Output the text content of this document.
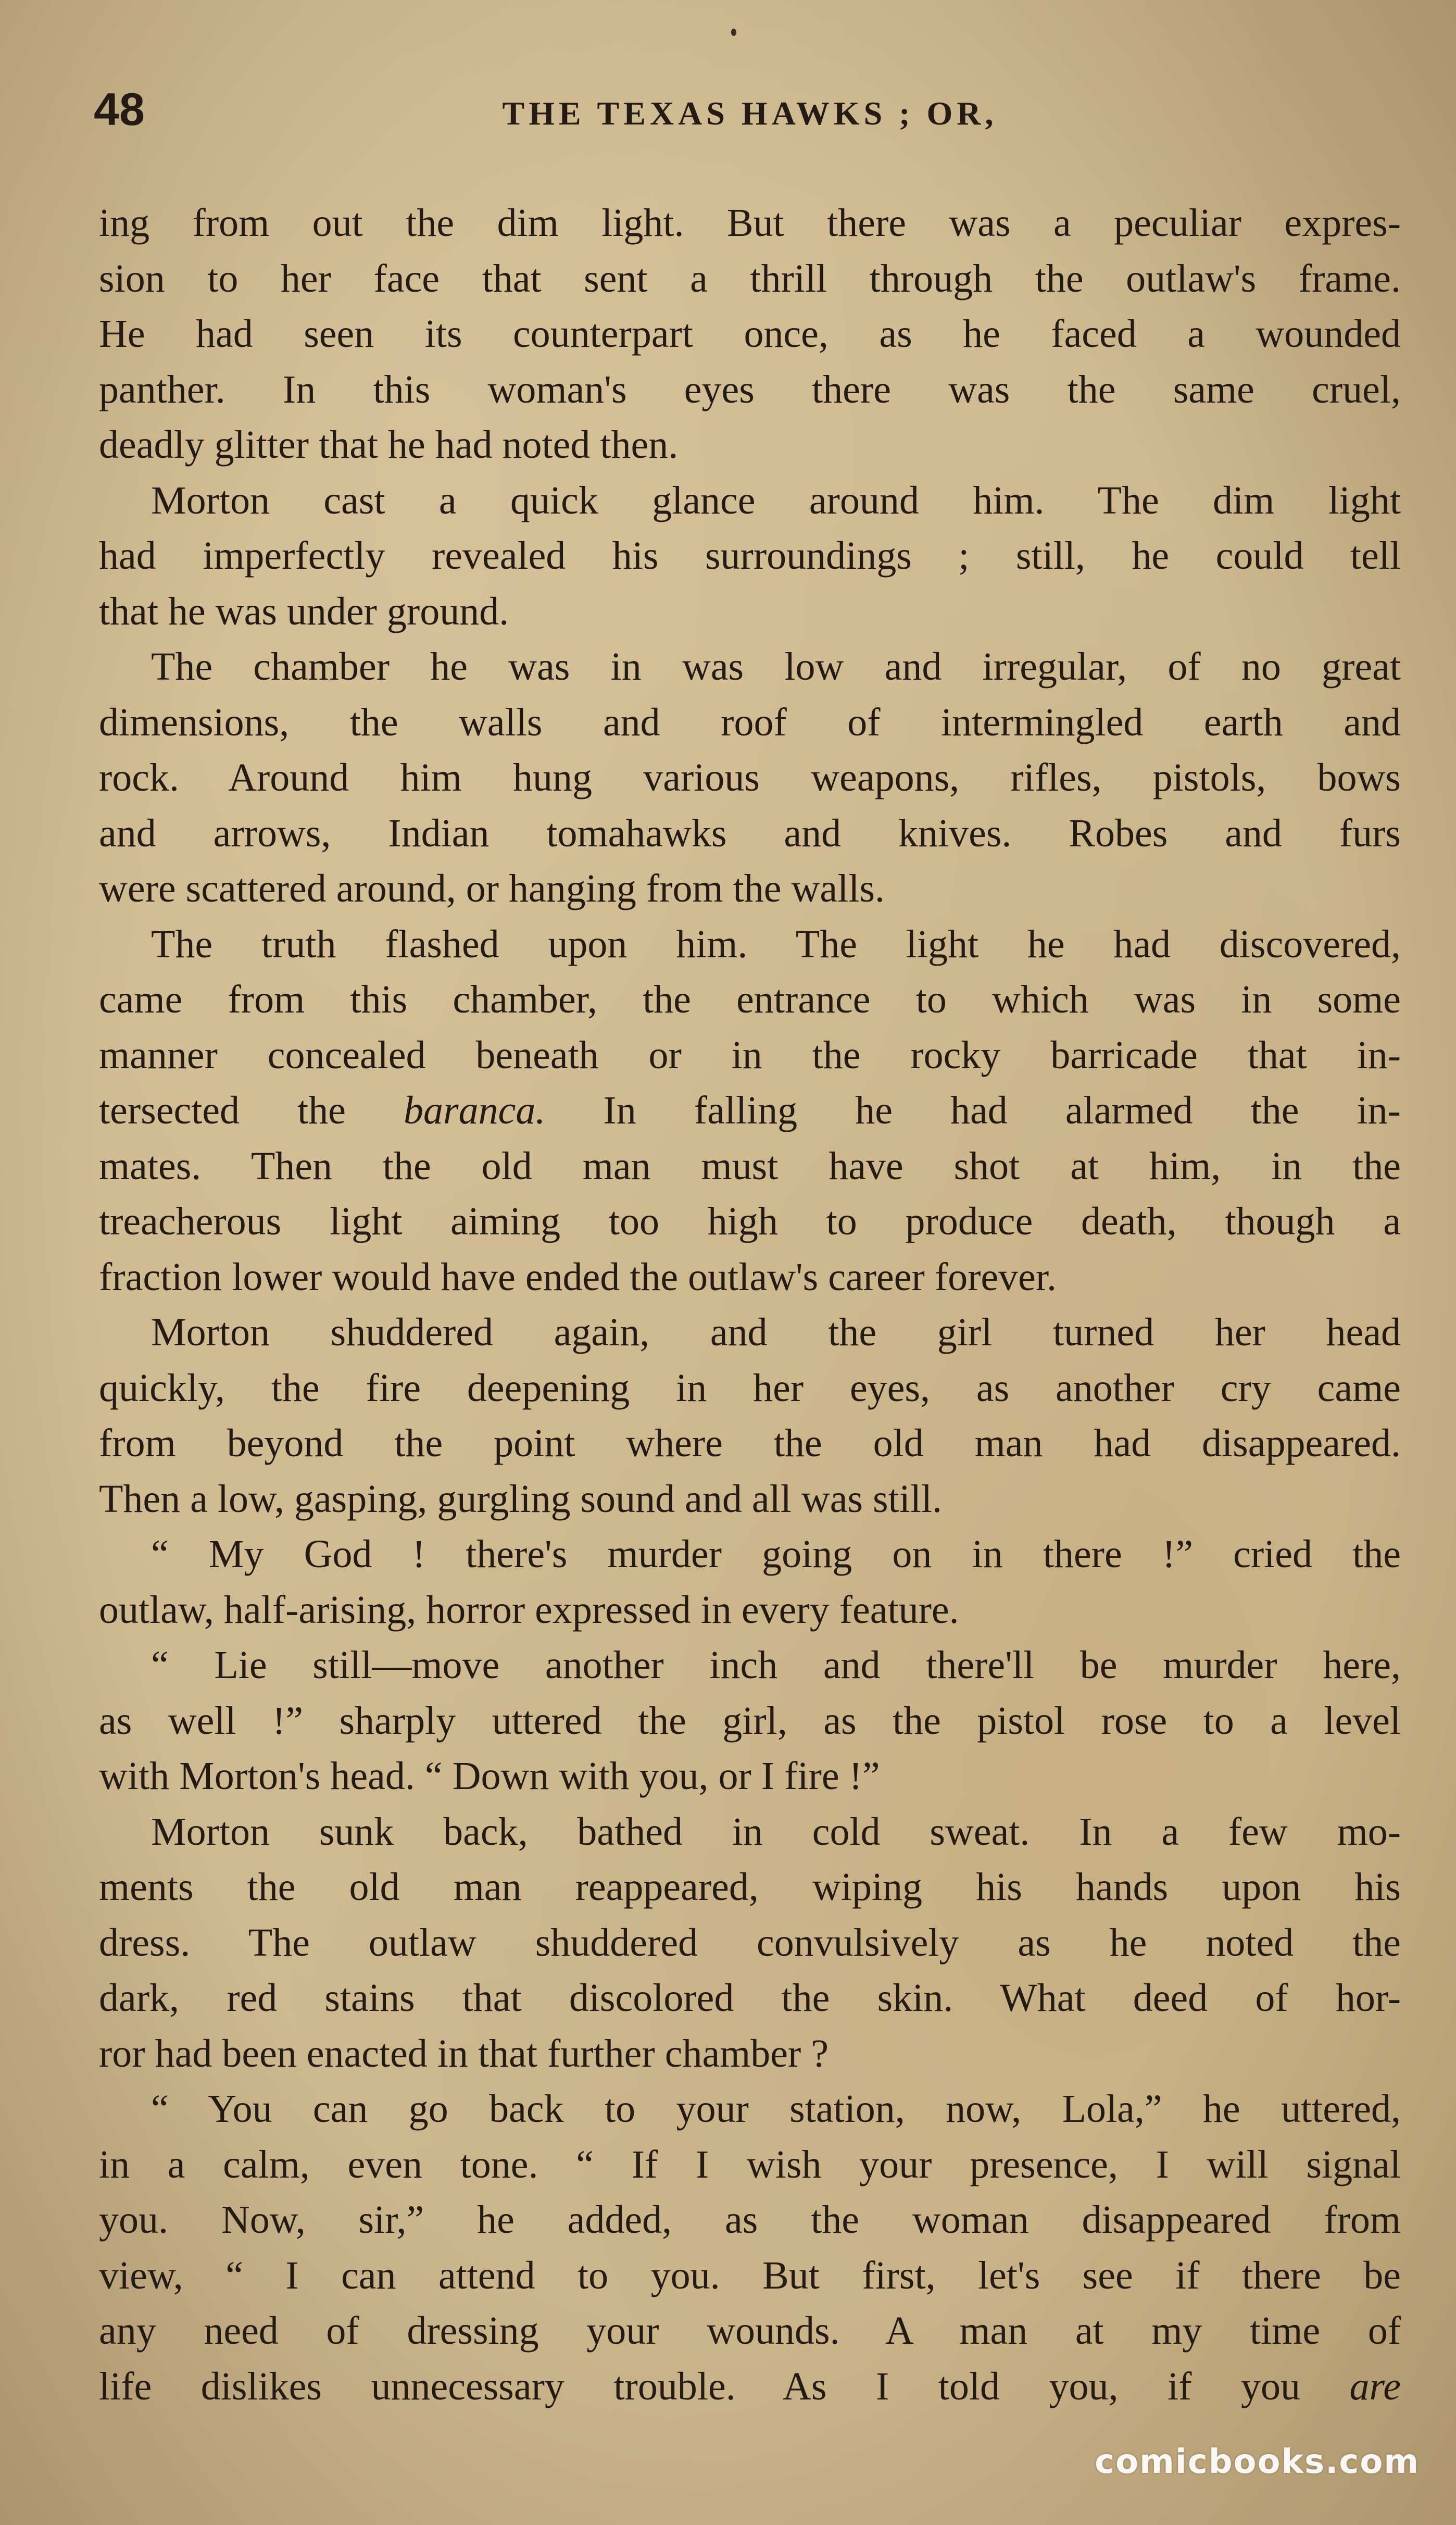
48	THE TEXAS HAWKS ; OR,
ing from out the dim light. But there was a peculiar expres-
sion to her face that sent a thrill through the outlaw's frame.
He had seen its counterpart once, as he faced a wounded
panther. In this woman's eyes there was the same cruel,
deadly glitter that he had noted then.
Morton cast a quick glance around him. The dim light
had imperfectly revealed his surroundings ; still, he could tell
that he was under ground.
The chamber he was in was low and irregular, of no great
dimensions, the walls and roof of intermingled earth and
rock. Around him hung various weapons, rifles, pistols, bows
and arrows, Indian tomahawks and knives. Robes and furs
were scattered around, or hanging from the walls.
The truth flashed upon him. The light he had discovered,
came from this chamber, the entrance to which was in some
manner concealed beneath or in the rocky barricade that in-
tersected the baranca. In falling he had alarmed the in-
mates. Then the old man must have shot at him, in the
treacherous light aiming too high to produce death, though a
fraction lower would have ended the outlaw's career forever.
Morton shuddered again, and the girl turned her head
quickly, the fire deepening in her eyes, as another cry came
from beyond the point where the old man had disappeared.
Then a low, gasping, gurgling sound and all was still.
“ My God ! there's murder going on in there !” cried the
outlaw, half-arising, horror expressed in every feature.
“ Lie still—move another inch and there'll be murder here,
as well !” sharply uttered the girl, as the pistol rose to a level
with Morton's head. “ Down with you, or I fire !”
Morton sunk back, bathed in cold sweat. In a few mo-
ments the old man reappeared, wiping his hands upon his
dress. The outlaw shuddered convulsively as he noted the
dark, red stains that discolored the skin. What deed of hor-
ror had been enacted in that further chamber ?
“ You can go back to your station, now, Lola,” he uttered,
in a calm, even tone. “ If I wish your presence, I will signal
you. Now, sir,” he added, as the woman disappeared from
view, “ I can attend to you. But first, let's see if there be
any need of dressing your wounds. A man at my time of
life dislikes unnecessary trouble. As I told you, if you are
comicbooks.com
